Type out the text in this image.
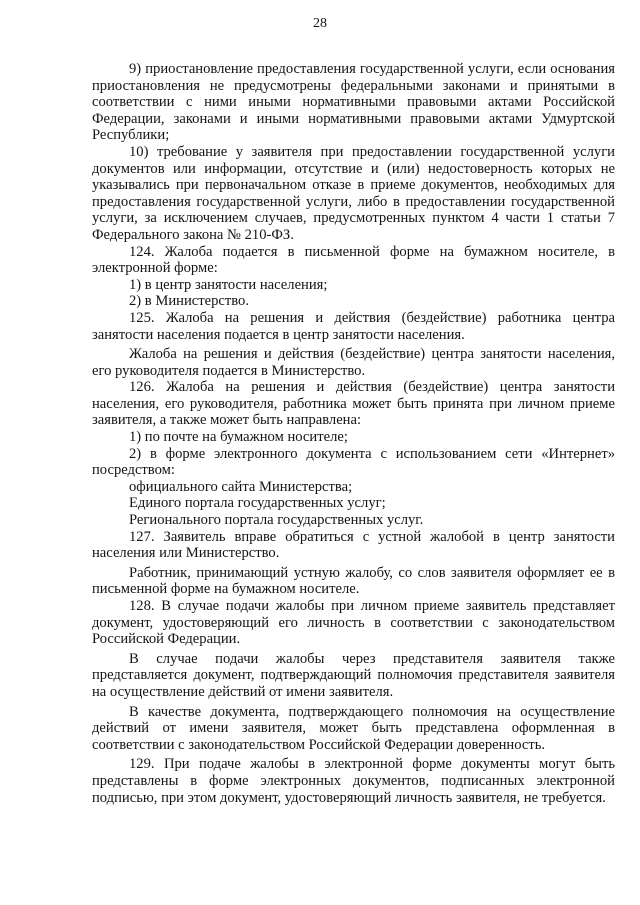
28

9) приостановление предоставления государственной услуги, если основания приостановления не предусмотрены федеральными законами и принятыми в соответствии с ними иными нормативными правовыми актами Российской Федерации, законами и иными нормативными правовыми актами Удмуртской Республики;

10) требование у заявителя при предоставлении государственной услуги документов или информации, отсутствие и (или) недостоверность которых не указывались при первоначальном отказе в приеме документов, необходимых для предоставления государственной услуги, либо в предоставлении государственной услуги, за исключением случаев, предусмотренных пунктом 4 части 1 статьи 7 Федерального закона № 210-ФЗ.

124. Жалоба подается в письменной форме на бумажном носителе, в электронной форме:

1) в центр занятости населения;

2) в Министерство.

125. Жалоба на решения и действия (бездействие) работника центра занятости населения подается в центр занятости населения.

Жалоба на решения и действия (бездействие) центра занятости населения, его руководителя подается в Министерство.

126. Жалоба на решения и действия (бездействие) центра занятости населения, его руководителя, работника может быть принята при личном приеме заявителя, а также может быть направлена:

1) по почте на бумажном носителе;

2) в форме электронного документа с использованием сети «Интернет» посредством:

официального сайта Министерства;

Единого портала государственных услуг;

Регионального портала государственных услуг.

127. Заявитель вправе обратиться с устной жалобой в центр занятости населения или Министерство.

Работник, принимающий устную жалобу, со слов заявителя оформляет ее в письменной форме на бумажном носителе.

128. В случае подачи жалобы при личном приеме заявитель представляет документ, удостоверяющий его личность в соответствии с законодательством Российской Федерации.

В случае подачи жалобы через представителя заявителя также представляется документ, подтверждающий полномочия представителя заявителя на осуществление действий от имени заявителя.

В качестве документа, подтверждающего полномочия на осуществление действий от имени заявителя, может быть представлена оформленная в соответствии с законодательством Российской Федерации доверенность.

129. При подаче жалобы в электронной форме документы могут быть представлены в форме электронных документов, подписанных электронной подписью, при этом документ, удостоверяющий личность заявителя, не требуется.
